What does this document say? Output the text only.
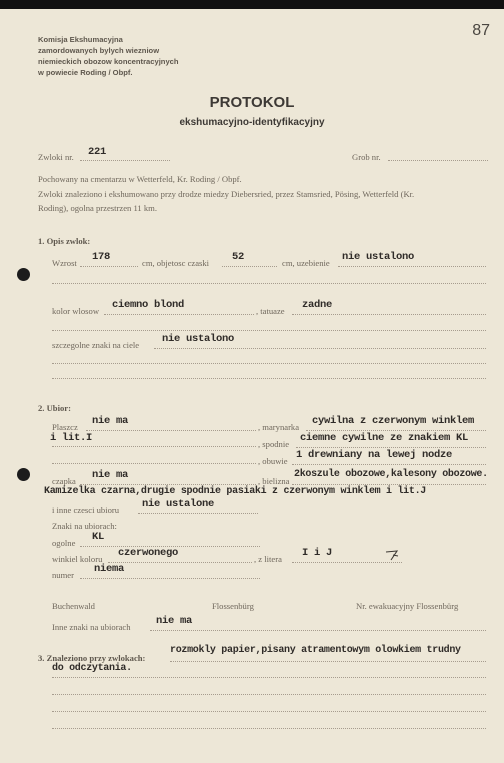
87
Komisja Ekshumacyjna
zamordowanych bylych wiezniow
niemieckich obozow koncentracyjnych
w powiecie Roding / Obpf.
PROTOKOL
ekshumacyjno-identyfikacyjny
Zwloki nr. 221	Grob nr.
Pochowany na cmentarzu w Wetterfeld, Kr. Roding / Obpf.
Zwloki znaleziono i ekshumowano przy drodze miedzy Diebersried, przez Stamsried, Pösing, Wetterfeld (Kr.
Roding), ogolna przestrzen 11 km.
1. Opis zwlok:
Wzrost 178	cm, objetosc czaski 52	cm, uzebienie nie ustalono
kolor wlosow ciemno blond	, tatuaze zadne
szczegolne znaki na ciele nie ustalono
2. Ubior:
Plaszcz nie ma	, marynarka cywilna z czerwonym winklem
i lit.I	, spodnie ciemne cywilne ze znakiem KL
, obuwie 1 drewniany na lewej nodze
czapka nie ma	, bielizna
2koszule obozowe,kalesony obozowe.
Kamizelka czarna,drugie spodnie pasiaki z czerwonym winklem i lit.J
i inne czesci ubioru nie ustalone
Znaki na ubiorach:
ogolne KL
winkiel koloru czerwonego	, z litera I i J
numer niema
Buchenwald	Flossenbürg	Nr. ewakuacyjny Flossenbürg
Inne znaki na ubiorach nie ma
3. Znaleziono przy zwlokach:
rozmokly papier,pisany atramentowym olowkiem trudny
do odczytania.
